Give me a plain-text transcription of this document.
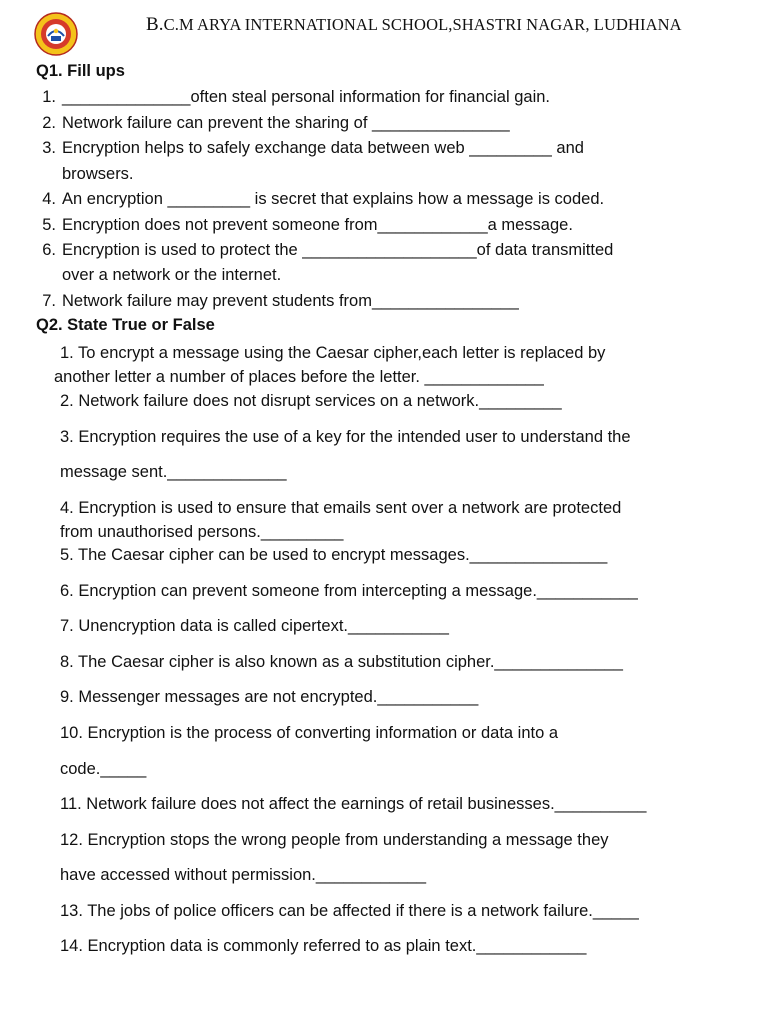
B.C.M ARYA INTERNATIONAL SCHOOL,SHASTRI NAGAR, LUDHIANA
Q1. Fill ups
1. ______________often steal personal information for financial gain.
2. Network failure can prevent the sharing of _______________
3. Encryption helps to safely exchange data between web _________ and
browsers.
4. An encryption _________ is secret that explains how a message is coded.
5. Encryption does not prevent someone from____________a message.
6. Encryption is used to protect the ___________________of data transmitted
over a network or the internet.
7. Network failure may prevent students from________________
Q2. State True or False
1. To encrypt a message using the Caesar cipher,each letter is replaced by
another letter a number of places before the letter. _____________
2. Network failure does not disrupt services on a network._________
3. Encryption requires the use of a key for the intended user to understand the
message sent._____________
4. Encryption is used to ensure that emails sent over a network are protected
from unauthorised persons._________
5. The Caesar cipher can be used to encrypt messages._______________
6. Encryption can prevent someone from intercepting a message.___________
7. Unencryption data is called cipertext.___________
8. The Caesar cipher is also known as a substitution cipher.______________
9. Messenger messages are not encrypted.___________
10. Encryption is the process of converting information or data into a
code._____
11. Network failure does not affect the earnings of retail businesses.__________
12. Encryption stops the wrong people from understanding a message they
have accessed without permission.____________
13. The jobs of police officers can be affected if there is a network failure._____
14. Encryption data is commonly referred to as plain text.____________
